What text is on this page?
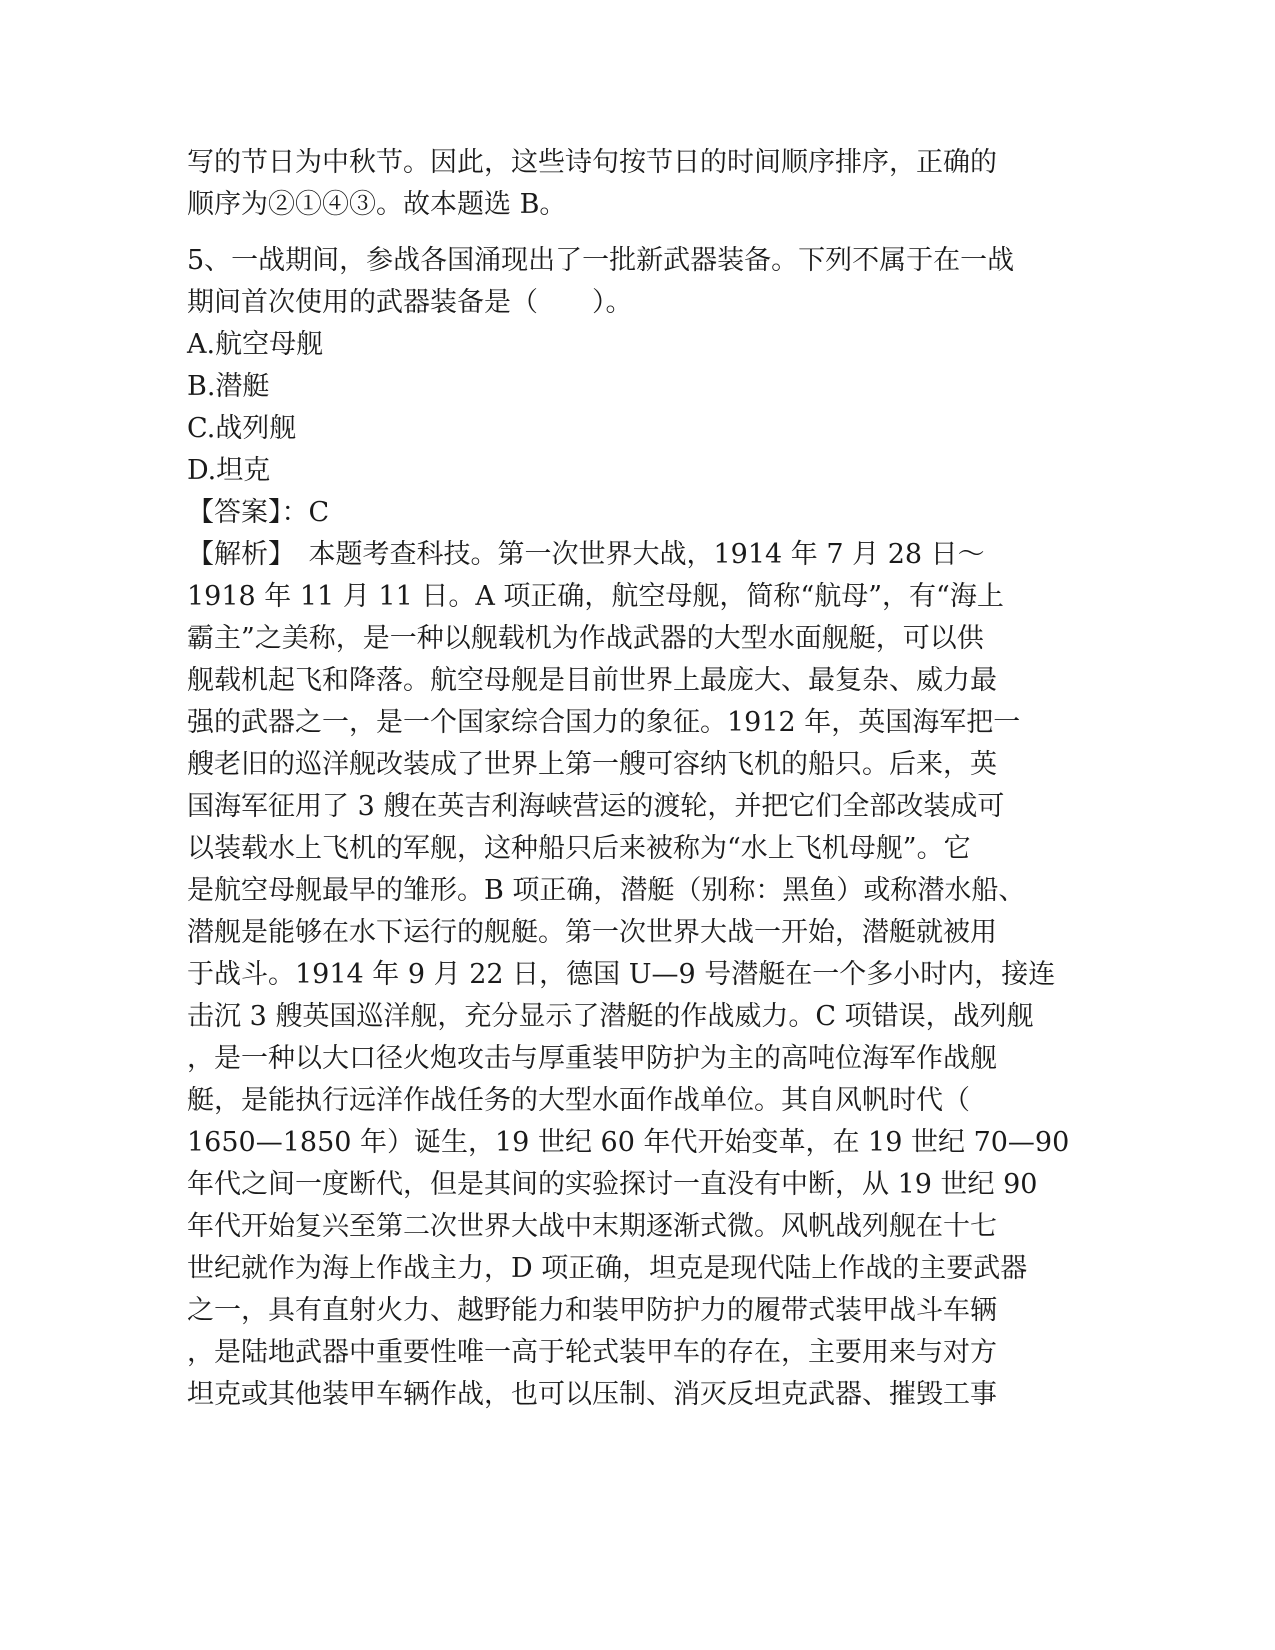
写的节日为中秋节。因此，这些诗句按节日的时间顺序排序，正确的
顺序为②①④③。故本题选 B。
5、一战期间，参战各国涌现出了一批新武器装备。下列不属于在一战
期间首次使用的武器装备是（　　）。
A.航空母舰
B.潜艇
C.战列舰
D.坦克
【答案】：C
【解析】　本题考查科技。第一次世界大战，1914 年 7 月 28 日～
1918 年 11 月 11 日。A 项正确，航空母舰，简称“航母”，有“海上
霸主”之美称，是一种以舰载机为作战武器的大型水面舰艇，可以供
舰载机起飞和降落。航空母舰是目前世界上最庞大、最复杂、威力最
强的武器之一，是一个国家综合国力的象征。1912 年，英国海军把一
艘老旧的巡洋舰改装成了世界上第一艘可容纳飞机的船只。后来，英
国海军征用了 3 艘在英吉利海峡营运的渡轮，并把它们全部改装成可
以装载水上飞机的军舰，这种船只后来被称为“水上飞机母舰”。它
是航空母舰最早的雏形。B 项正确，潜艇（别称：黑鱼）或称潜水船、
潜舰是能够在水下运行的舰艇。第一次世界大战一开始，潜艇就被用
于战斗。1914 年 9 月 22 日，德国 U—9 号潜艇在一个多小时内，接连
击沉 3 艘英国巡洋舰，充分显示了潜艇的作战威力。C 项错误，战列舰
，是一种以大口径火炮攻击与厚重装甲防护为主的高吨位海军作战舰
艇，是能执行远洋作战任务的大型水面作战单位。其自风帆时代（
1650—1850 年）诞生，19 世纪 60 年代开始变革，在 19 世纪 70—90
年代之间一度断代，但是其间的实验探讨一直没有中断，从 19 世纪 90
年代开始复兴至第二次世界大战中末期逐渐式微。风帆战列舰在十七
世纪就作为海上作战主力，D 项正确，坦克是现代陆上作战的主要武器
之一，具有直射火力、越野能力和装甲防护力的履带式装甲战斗车辆
，是陆地武器中重要性唯一高于轮式装甲车的存在，主要用来与对方
坦克或其他装甲车辆作战，也可以压制、消灭反坦克武器、摧毁工事
